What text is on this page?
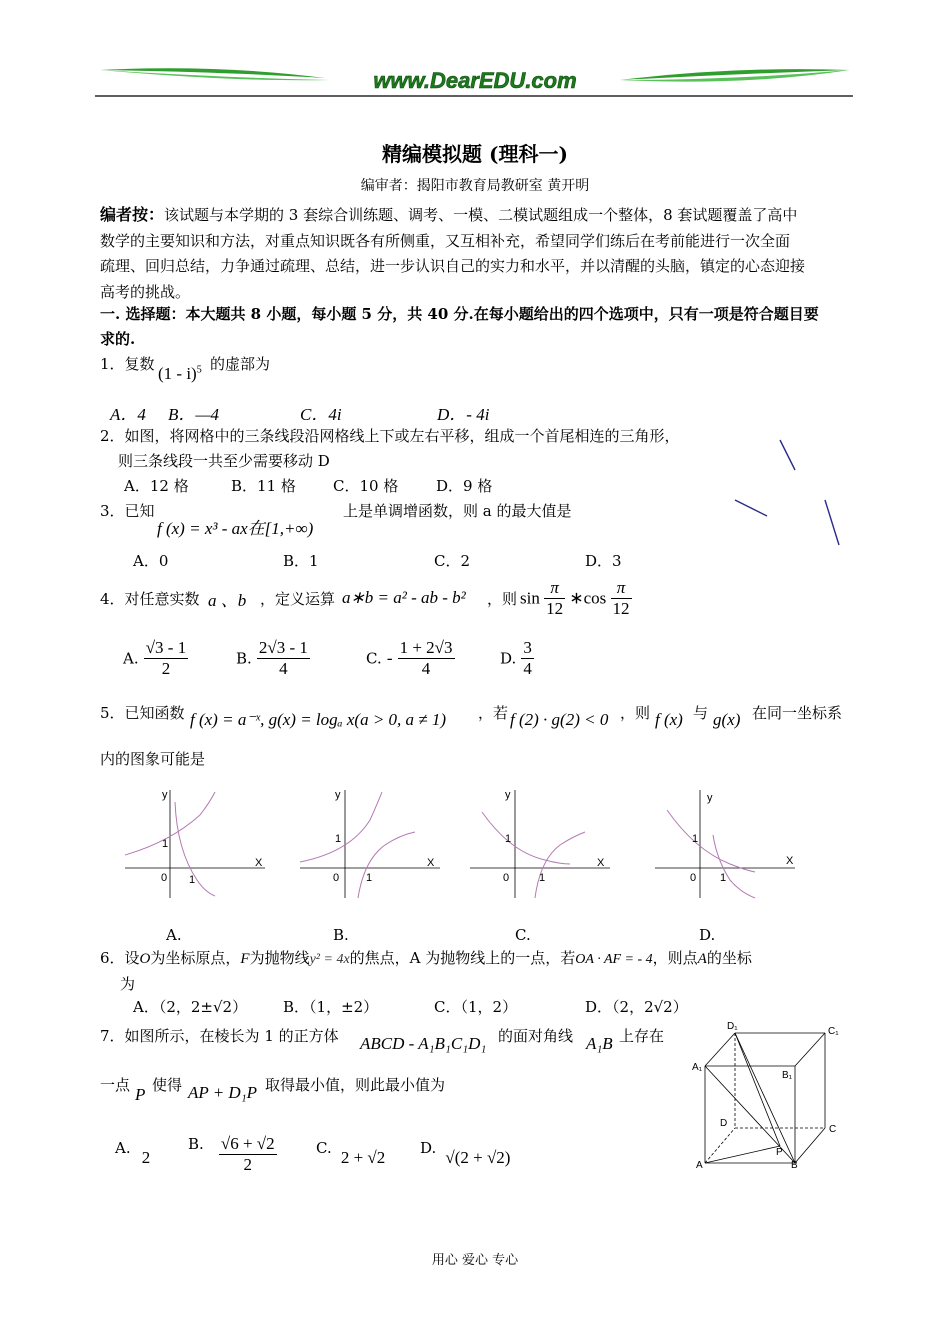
www.DearEDU.com
精编模拟题 (理科一)
编审者：揭阳市教育局教研室 黄开明
编者按：该试题与本学期的 3 套综合训练题、调考、一模、二模试题组成一个整体，8 套试题覆盖了高中
数学的主要知识和方法，对重点知识既各有所侧重，又互相补充，希望同学们练后在考前能进行一次全面
疏理、回归总结，力争通过疏理、总结，进一步认识自己的实力和水平，并以清醒的头脑，镇定的心态迎接
高考的挑战。
一. 选择题：本大题共 8 小题，每小题 5 分，共 40 分.在每小题给出的四个选项中，只有一项是符合题目要
求的.
1．复数 (1 - i)$^5$ 的虚部为
A．4 B．—4	C．4i	D．- 4i
2．如图，将网格中的三条线段沿网格线上下或左右平移，组成一个首尾相连的三角形，
则三条线段一共至少需要移动 D
A．12 格	B．11 格 C．10 格	D．9 格
3．已知
f (x) = x³ - ax在[1,+∞)
上是单调增函数，则 a 的最大值是
A．0	B．1	C．2	D．3
4．对任意实数 a 、b ，定义运算 a∗b = a² - ab - b² ，则 $\sin \frac{\pi}{12}$ ∗cos $\frac{\pi}{12}$
A. $\frac{√3 - 1}{2}$	B. $\frac{2√3 - 1}{4}$	C. - $\frac{1 + 2√3}{4}$	D. $\frac{3}{4}$
5．已知函数 f (x) = a⁻ˣ, g(x) = logₐ x(a > 0, a ≠ 1) ，若 f (2) · g(2) < 0 ，则 f (x) 与 g(x) 在同一坐标系
内的图象可能是
X
y
1
0 1
X
y
1
0 1
X
y
1
0	1
X
y
1
0 1
A.	B.	C.	D.
6．设O为坐标原点，F为抛物线y² = 4x的焦点，A 为抛物线上的一点，若OA · AF = - 4，则点A的坐标
为
A．（2，2±√2） B．（1，±2）	C．（1，2）	D．（2，2√2）
7．如图所示，在棱长为 1 的正方体 ABCD - A₁B₁C₁D₁ 的面对角线 A₁B 上存在
一点 P 使得 AP + D₁P 取得最小值，则此最小值为
A. 2
B. $\frac{√6 + √2}{2}$	C. 2 + √2 D. √(2 + √2)
D₁	C₁
A₁
B₁
D
C
A	B
P
用心 爱心 专心
